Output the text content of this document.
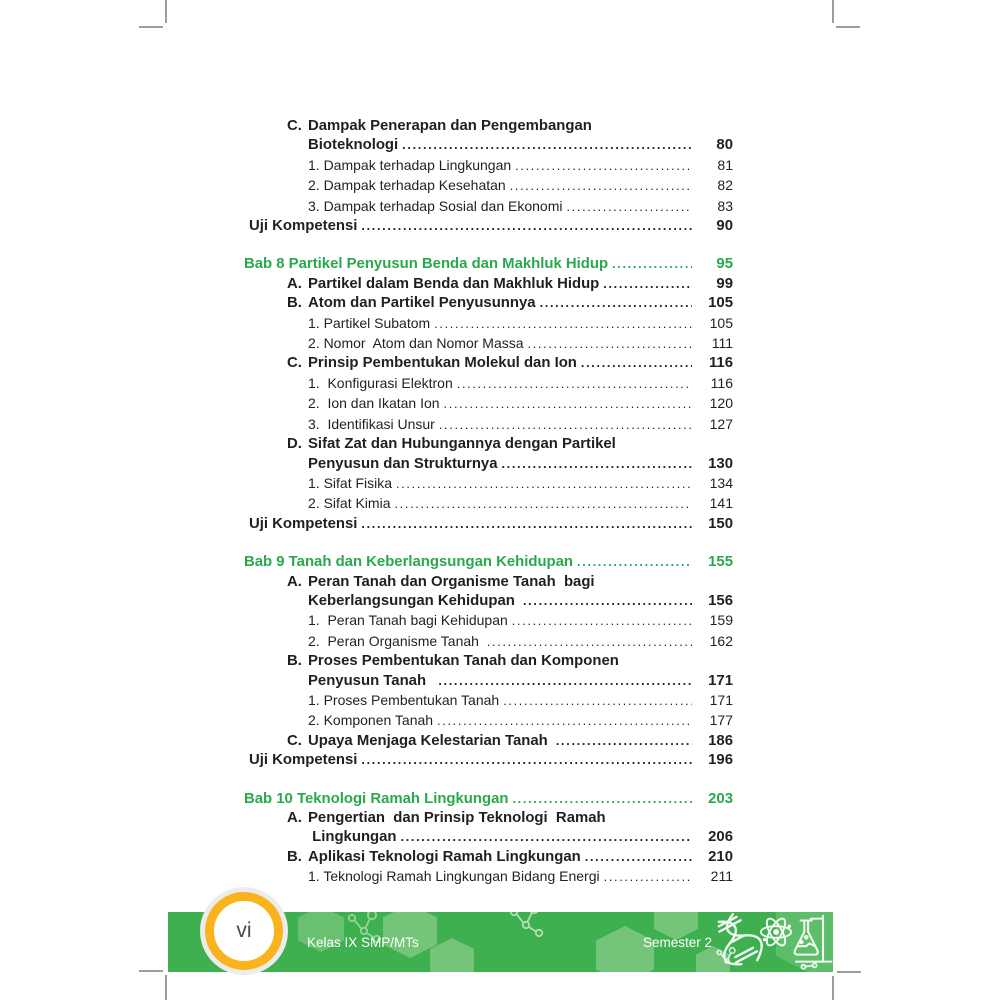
C. Dampak Penerapan dan Pengembangan
Bioteknologi .....	80
1. Dampak terhadap Lingkungan .....	81
2. Dampak terhadap Kesehatan .....	82
3. Dampak terhadap Sosial dan Ekonomi .....	83
Uji Kompetensi .....	90
Bab 8 Partikel Penyusun Benda dan Makhluk Hidup .....	95
A. Partikel dalam Benda dan Makhluk Hidup .....	99
B. Atom dan Partikel Penyusunnya .....	105
1. Partikel Subatom .....	105
2. Nomor  Atom dan Nomor Massa .....	111
C. Prinsip Pembentukan Molekul dan Ion .....	116
1.  Konfigurasi Elektron .....	116
2.  Ion dan Ikatan Ion .....	120
3.  Identifikasi Unsur .....	127
D. Sifat Zat dan Hubungannya dengan Partikel
Penyusun dan Strukturnya .....	130
1. Sifat Fisika .....	134
2. Sifat Kimia .....	141
Uji Kompetensi .....	150
Bab 9 Tanah dan Keberlangsungan Kehidupan .....	155
A. Peran Tanah dan Organisme Tanah  bagi
Keberlangsungan Kehidupan .....	156
1.  Peran Tanah bagi Kehidupan .....	159
2.  Peran Organisme Tanah .....	162
B. Proses Pembentukan Tanah dan Komponen
Penyusun Tanah .....	171
1. Proses Pembentukan Tanah .....	171
2. Komponen Tanah .....	177
C. Upaya Menjaga Kelestarian Tanah .....	186
Uji Kompetensi .....	196
Bab 10 Teknologi Ramah Lingkungan .....	203
A. Pengertian  dan Prinsip Teknologi  Ramah
Lingkungan .....	206
B. Aplikasi Teknologi Ramah Lingkungan .....	210
1. Teknologi Ramah Lingkungan Bidang Energi .....	211
Kelas IX SMP/MTs	Semester 2
vi
